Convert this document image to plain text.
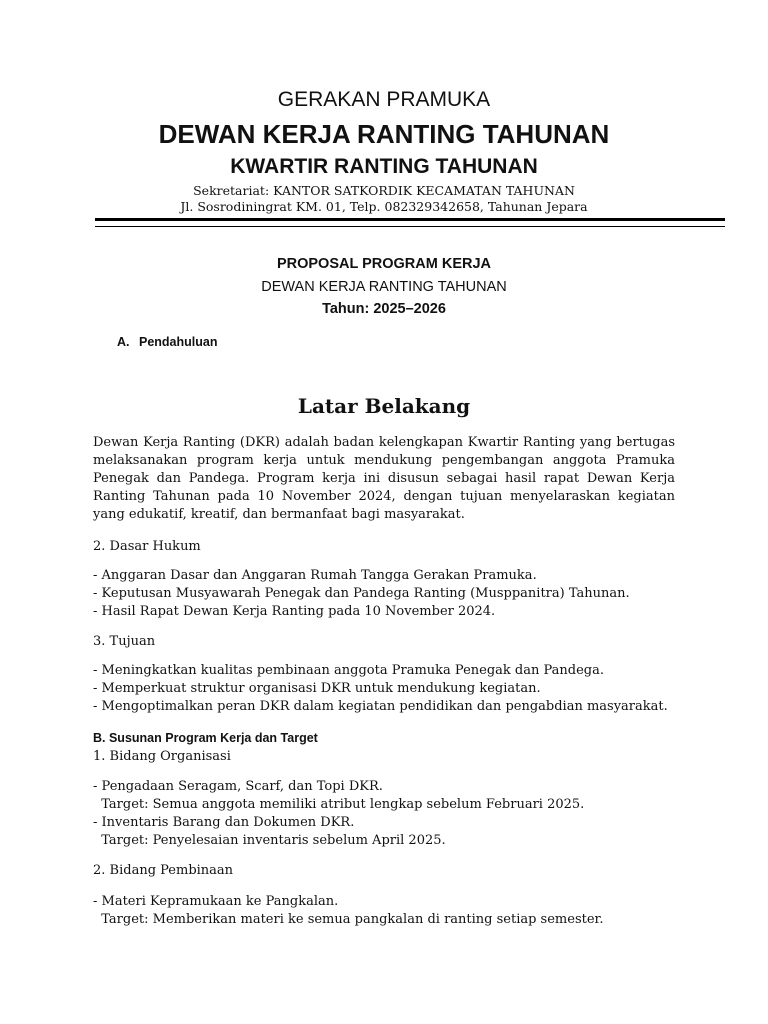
GERAKAN PRAMUKA
DEWAN KERJA RANTING TAHUNAN
KWARTIR RANTING TAHUNAN
Sekretariat: KANTOR SATKORDIK KECAMATAN TAHUNAN
Jl. Sosrodiningrat KM. 01, Telp. 082329342658, Tahunan Jepara
PROPOSAL PROGRAM KERJA
DEWAN KERJA RANTING TAHUNAN
Tahun: 2025–2026
A. Pendahuluan
Latar Belakang
Dewan Kerja Ranting (DKR) adalah badan kelengkapan Kwartir Ranting yang bertugas melaksanakan program kerja untuk mendukung pengembangan anggota Pramuka Penegak dan Pandega. Program kerja ini disusun sebagai hasil rapat Dewan Kerja Ranting Tahunan pada 10 November 2024, dengan tujuan menyelaraskan kegiatan yang edukatif, kreatif, dan bermanfaat bagi masyarakat.
2. Dasar Hukum
- Anggaran Dasar dan Anggaran Rumah Tangga Gerakan Pramuka.
- Keputusan Musyawarah Penegak dan Pandega Ranting (Musppanitra) Tahunan.
- Hasil Rapat Dewan Kerja Ranting pada 10 November 2024.
3. Tujuan
- Meningkatkan kualitas pembinaan anggota Pramuka Penegak dan Pandega.
- Memperkuat struktur organisasi DKR untuk mendukung kegiatan.
- Mengoptimalkan peran DKR dalam kegiatan pendidikan dan pengabdian masyarakat.
B. Susunan Program Kerja dan Target
1. Bidang Organisasi
- Pengadaan Seragam, Scarf, dan Topi DKR.
Target: Semua anggota memiliki atribut lengkap sebelum Februari 2025.
- Inventaris Barang dan Dokumen DKR.
Target: Penyelesaian inventaris sebelum April 2025.
2. Bidang Pembinaan
- Materi Kepramukaan ke Pangkalan.
Target: Memberikan materi ke semua pangkalan di ranting setiap semester.
